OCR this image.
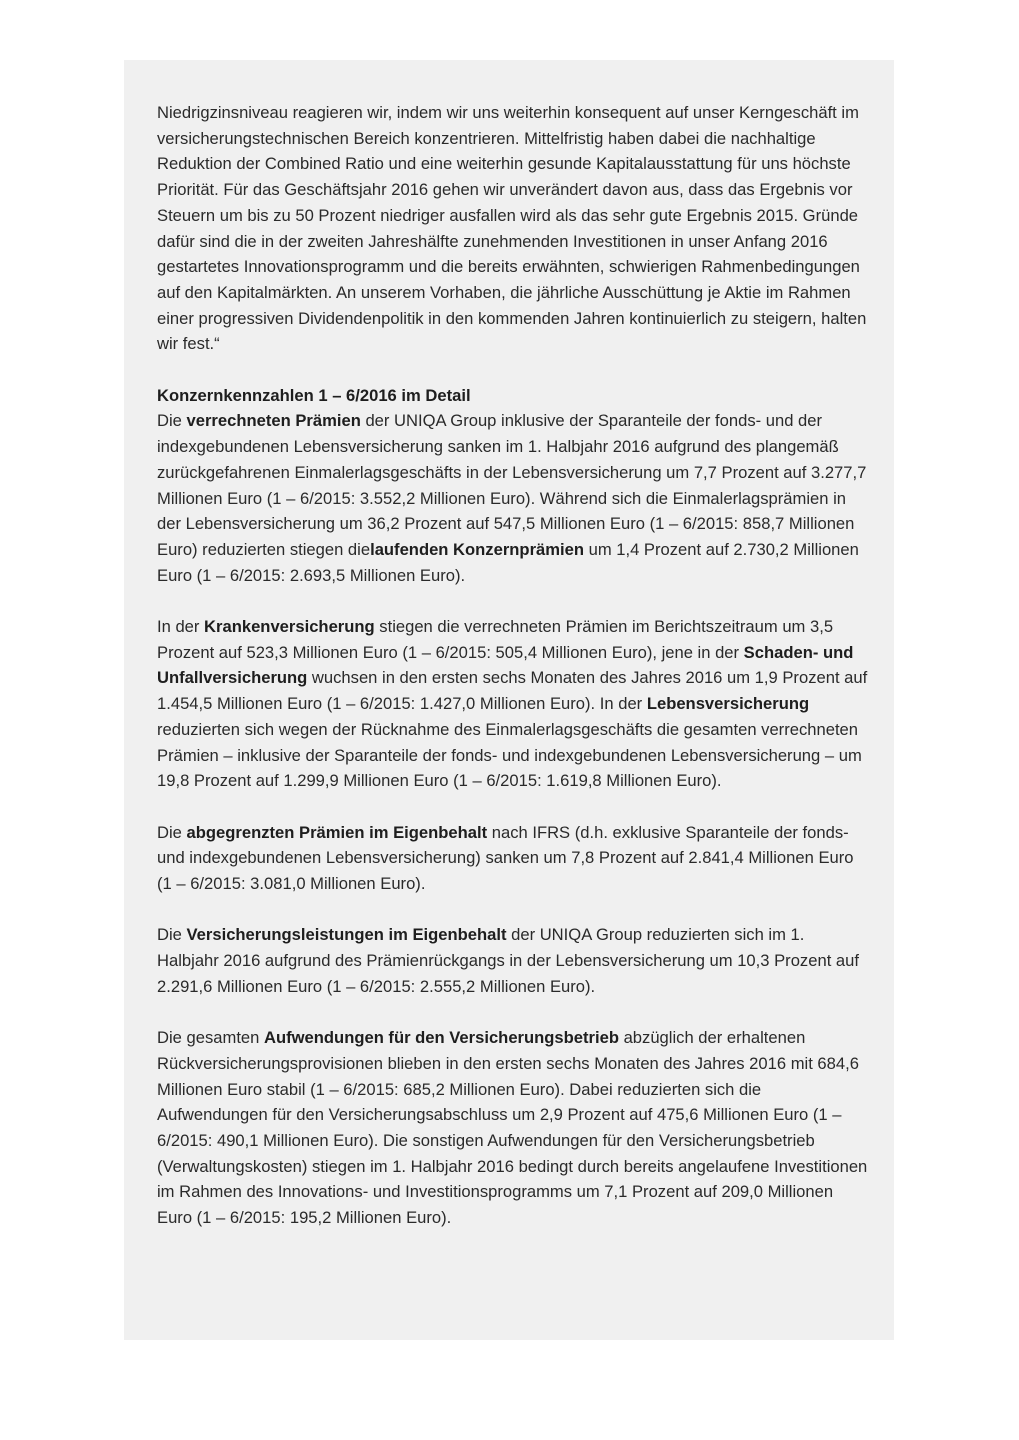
Niedrigzinsniveau reagieren wir, indem wir uns weiterhin konsequent auf unser Kerngeschäft im versicherungstechnischen Bereich konzentrieren. Mittelfristig haben dabei die nachhaltige Reduktion der Combined Ratio und eine weiterhin gesunde Kapitalausstattung für uns höchste Priorität. Für das Geschäftsjahr 2016 gehen wir unverändert davon aus, dass das Ergebnis vor Steuern um bis zu 50 Prozent niedriger ausfallen wird als das sehr gute Ergebnis 2015. Gründe dafür sind die in der zweiten Jahreshälfte zunehmenden Investitionen in unser Anfang 2016 gestartetes Innovationsprogramm und die bereits erwähnten, schwierigen Rahmenbedingungen auf den Kapitalmärkten. An unserem Vorhaben, die jährliche Ausschüttung je Aktie im Rahmen einer progressiven Dividendenpolitik in den kommenden Jahren kontinuierlich zu steigern, halten wir fest.“

Konzernkennzahlen 1 – 6/2016 im Detail
Die verrechneten Prämien der UNIQA Group inklusive der Sparanteile der fonds- und der indexgebundenen Lebensversicherung sanken im 1. Halbjahr 2016 aufgrund des plangemäß zurückgefahrenen Einmalerlagsgeschäfts in der Lebensversicherung um 7,7 Prozent auf 3.277,7 Millionen Euro (1 – 6/2015: 3.552,2 Millionen Euro). Während sich die Einmalerlagsprämien in der Lebensversicherung um 36,2 Prozent auf 547,5 Millionen Euro (1 – 6/2015: 858,7 Millionen Euro) reduzierten stiegen dielaufenden Konzernprämien um 1,4 Prozent auf 2.730,2 Millionen Euro (1 – 6/2015: 2.693,5 Millionen Euro).

In der Krankenversicherung stiegen die verrechneten Prämien im Berichtszeitraum um 3,5 Prozent auf 523,3 Millionen Euro (1 – 6/2015: 505,4 Millionen Euro), jene in der Schaden- und Unfallversicherung wuchsen in den ersten sechs Monaten des Jahres 2016 um 1,9 Prozent auf 1.454,5 Millionen Euro (1 – 6/2015: 1.427,0 Millionen Euro). In der Lebensversicherung reduzierten sich wegen der Rücknahme des Einmalerlagsgeschäfts die gesamten verrechneten Prämien – inklusive der Sparanteile der fonds- und indexgebundenen Lebensversicherung – um 19,8 Prozent auf 1.299,9 Millionen Euro (1 – 6/2015: 1.619,8 Millionen Euro).

Die abgegrenzten Prämien im Eigenbehalt nach IFRS (d.h. exklusive Sparanteile der fonds- und indexgebundenen Lebensversicherung) sanken um 7,8 Prozent auf 2.841,4 Millionen Euro (1 – 6/2015: 3.081,0 Millionen Euro).

Die Versicherungsleistungen im Eigenbehalt der UNIQA Group reduzierten sich im 1. Halbjahr 2016 aufgrund des Prämienrückgangs in der Lebensversicherung um 10,3 Prozent auf 2.291,6 Millionen Euro (1 – 6/2015: 2.555,2 Millionen Euro).

Die gesamten Aufwendungen für den Versicherungsbetrieb abzüglich der erhaltenen Rückversicherungsprovisionen blieben in den ersten sechs Monaten des Jahres 2016 mit 684,6 Millionen Euro stabil (1 – 6/2015: 685,2 Millionen Euro). Dabei reduzierten sich die Aufwendungen für den Versicherungsabschluss um 2,9 Prozent auf 475,6 Millionen Euro (1 – 6/2015: 490,1 Millionen Euro). Die sonstigen Aufwendungen für den Versicherungsbetrieb (Verwaltungskosten) stiegen im 1. Halbjahr 2016 bedingt durch bereits angelaufene Investitionen im Rahmen des Innovations- und Investitionsprogramms um 7,1 Prozent auf 209,0 Millionen Euro (1 – 6/2015: 195,2 Millionen Euro).
